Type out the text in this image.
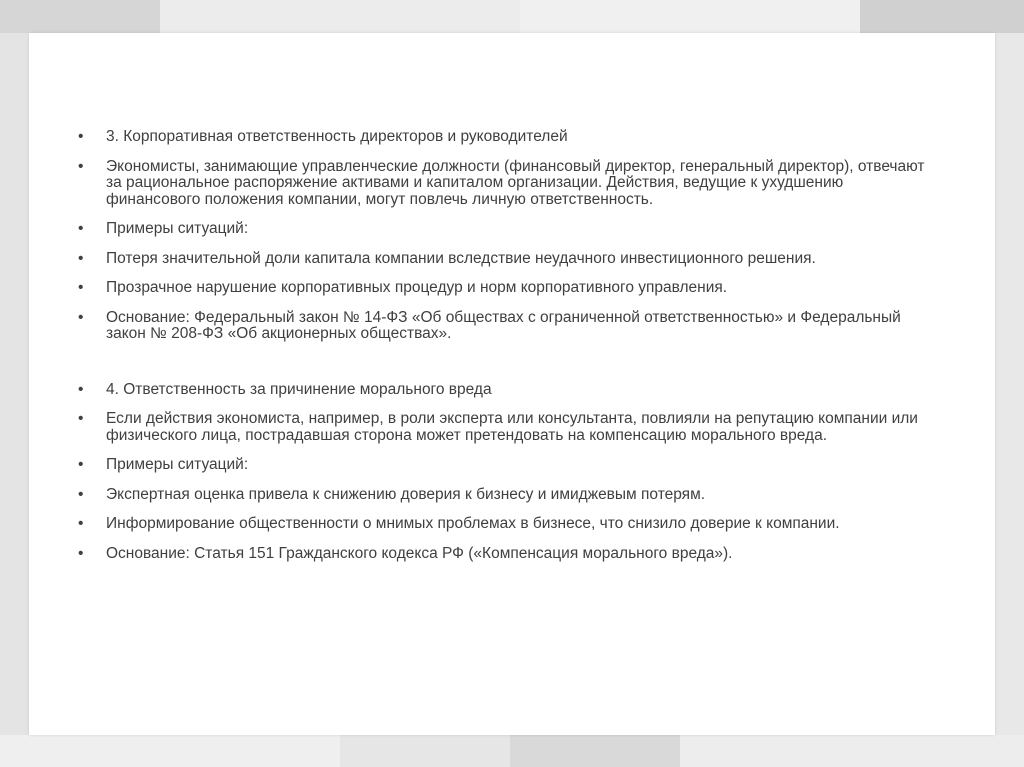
• 3. Корпоративная ответственность директоров и руководителей
• Экономисты, занимающие управленческие должности (финансовый директор, генеральный директор), отвечают за рациональное распоряжение активами и капиталом организации. Действия, ведущие к ухудшению финансового положения компании, могут повлечь личную ответственность.
• Примеры ситуаций:
• Потеря значительной доли капитала компании вследствие неудачного инвестиционного решения.
• Прозрачное нарушение корпоративных процедур и норм корпоративного управления.
• Основание: Федеральный закон № 14-ФЗ «Об обществах с ограниченной ответственностью» и Федеральный закон № 208-ФЗ «Об акционерных обществах».
• 4. Ответственность за причинение морального вреда
• Если действия экономиста, например, в роли эксперта или консультанта, повлияли на репутацию компании или физического лица, пострадавшая сторона может претендовать на компенсацию морального вреда.
• Примеры ситуаций:
• Экспертная оценка привела к снижению доверия к бизнесу и имиджевым потерям.
• Информирование общественности о мнимых проблемах в бизнесе, что снизило доверие к компании.
• Основание: Статья 151 Гражданского кодекса РФ («Компенсация морального вреда»).
